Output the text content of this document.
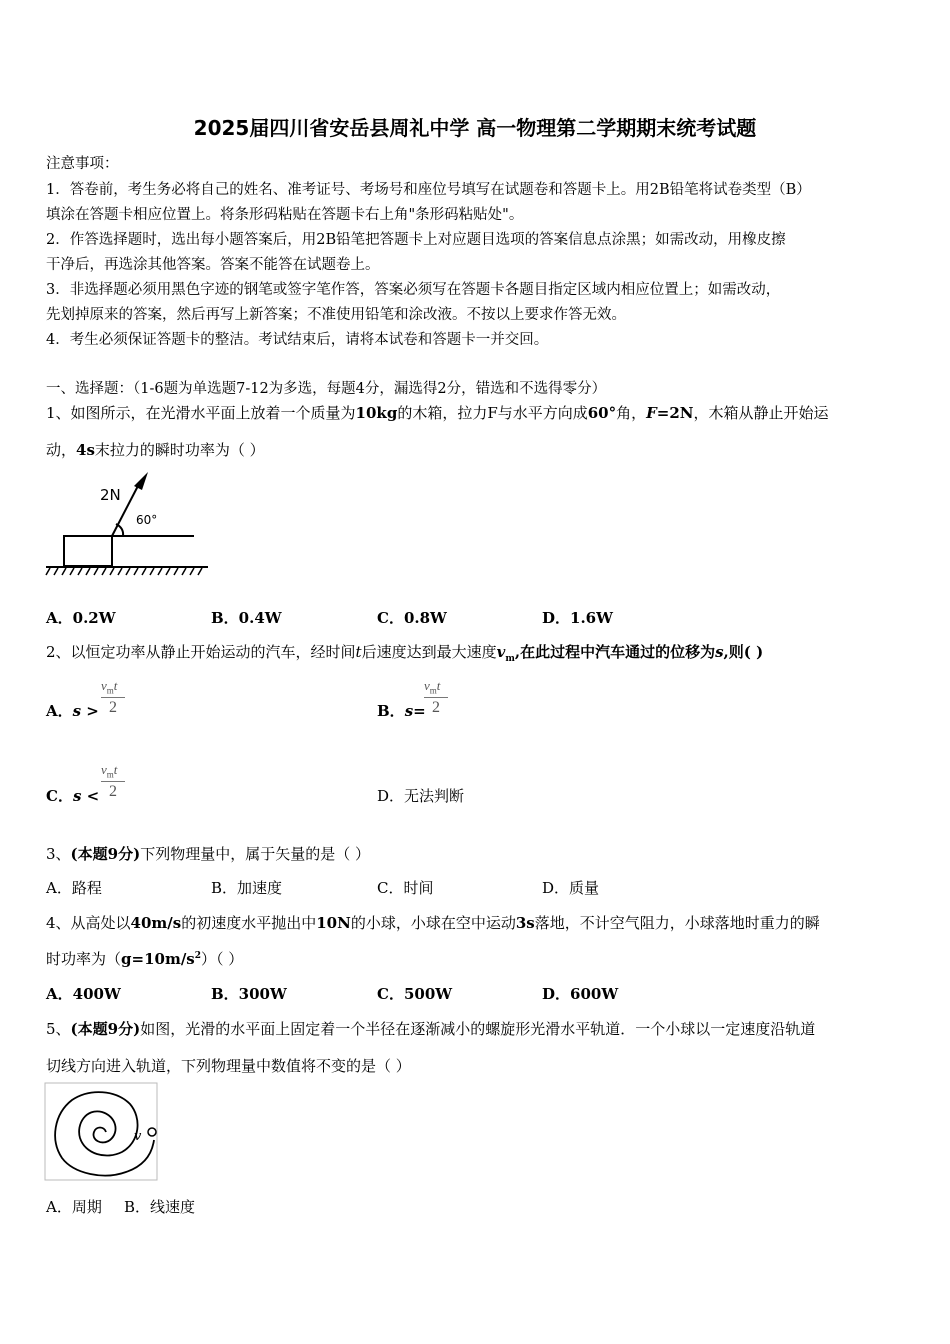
2025届四川省安岳县周礼中学 高一物理第二学期期末统考试题
注意事项：
1．答卷前，考生务必将自己的姓名、准考证号、考场号和座位号填写在试题卷和答题卡上。用2B铅笔将试卷类型（B）
填涂在答题卡相应位置上。将条形码粘贴在答题卡右上角"条形码粘贴处"。
2．作答选择题时，选出每小题答案后，用2B铅笔把答题卡上对应题目选项的答案信息点涂黑；如需改动，用橡皮擦
干净后，再选涂其他答案。答案不能答在试题卷上。
3．非选择题必须用黑色字迹的钢笔或签字笔作答，答案必须写在答题卡各题目指定区域内相应位置上；如需改动，
先划掉原来的答案，然后再写上新答案；不准使用铅笔和涂改液。不按以上要求作答无效。
4．考生必须保证答题卡的整洁。考试结束后，请将本试卷和答题卡一并交回。
一、选择题：（1-6题为单选题7-12为多选，每题4分，漏选得2分，错选和不选得零分）
1、如图所示，在光滑水平面上放着一个质量为10kg的木箱，拉力F与水平方向成60°角，F=2N，木箱从静止开始运
动，4s末拉力的瞬时功率为（ ）
2N
60°
A．0.2W	B．0.4W	C．0.8W	D．1.6W
2、以恒定功率从静止开始运动的汽车，经时间t后速度达到最大速度$v_m$,在此过程中汽车通过的位移为s,则( )
A．s >
$v_mt$
2	B．s=
$v_mt$
2
C．s <
$v_mt$
2	D．无法判断
3、(本题9分)下列物理量中，属于矢量的是（ ）
A．路程	B．加速度	C．时间	D．质量
4、从高处以40m/s的初速度水平抛出中10N的小球，小球在空中运动3s落地，不计空气阻力，小球落地时重力的瞬
时功率为$(g=10m/s^2)$（ ）
A．400W	B．300W	C．500W	D．600W
5、(本题9分)如图，光滑的水平面上固定着一个半径在逐渐减小的螺旋形光滑水平轨道．一个小球以一定速度沿轨道
切线方向进入轨道，下列物理量中数值将不变的是（ ）
v
A．周期 B．线速度
